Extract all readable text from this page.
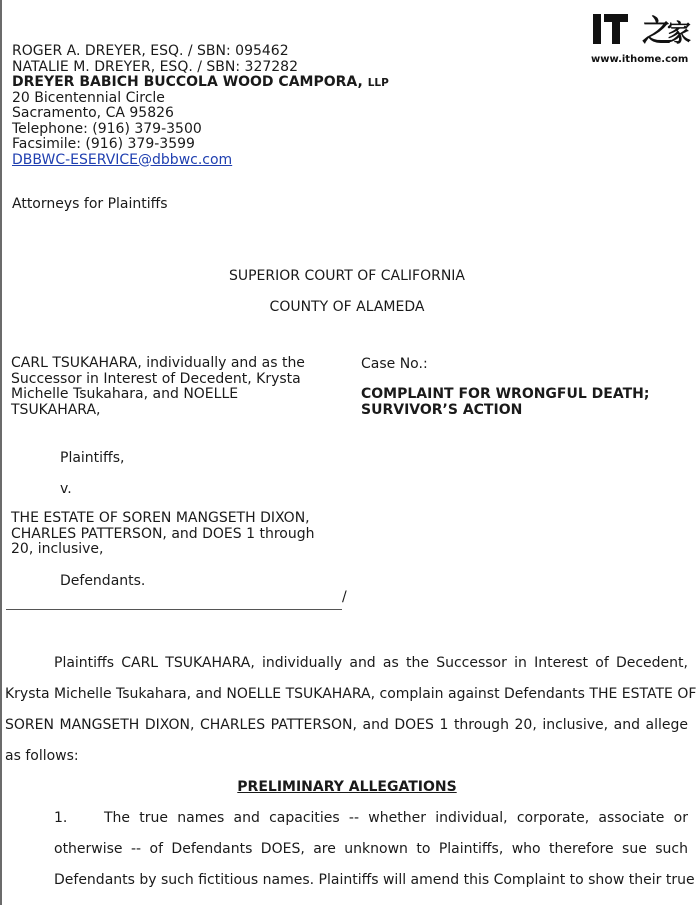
之
家
www.ithome.com
ROGER A. DREYER, ESQ. / SBN: 095462
NATALIE M. DREYER, ESQ. / SBN: 327282
DREYER BABICH BUCCOLA WOOD CAMPORA, LLP
20 Bicentennial Circle
Sacramento, CA 95826
Telephone: (916) 379-3500
Facsimile: (916) 379-3599
DBBWC-ESERVICE@dbbwc.com
Attorneys for Plaintiffs
SUPERIOR COURT OF CALIFORNIA
COUNTY OF ALAMEDA
CARL TSUKAHARA, individually and as the Successor in Interest of Decedent, Krysta Michelle Tsukahara, and NOELLE TSUKAHARA,
Plaintiffs,
v.
THE ESTATE OF SOREN MANGSETH DIXON, CHARLES PATTERSON, and DOES 1 through 20, inclusive,
Defendants.
/
Case No.:
COMPLAINT FOR WRONGFUL DEATH;
SURVIVOR’S ACTION
Plaintiffs CARL TSUKAHARA, individually and as the Successor in Interest of Decedent,
Krysta Michelle Tsukahara, and NOELLE TSUKAHARA, complain against Defendants THE ESTATE OF
SOREN MANGSETH DIXON, CHARLES PATTERSON, and DOES 1 through 20, inclusive, and allege
as follows:
PRELIMINARY ALLEGATIONS
1.	The true names and capacities -- whether individual, corporate, associate or
otherwise -- of Defendants DOES, are unknown to Plaintiffs, who therefore sue such
Defendants by such fictitious names. Plaintiffs will amend this Complaint to show their true
